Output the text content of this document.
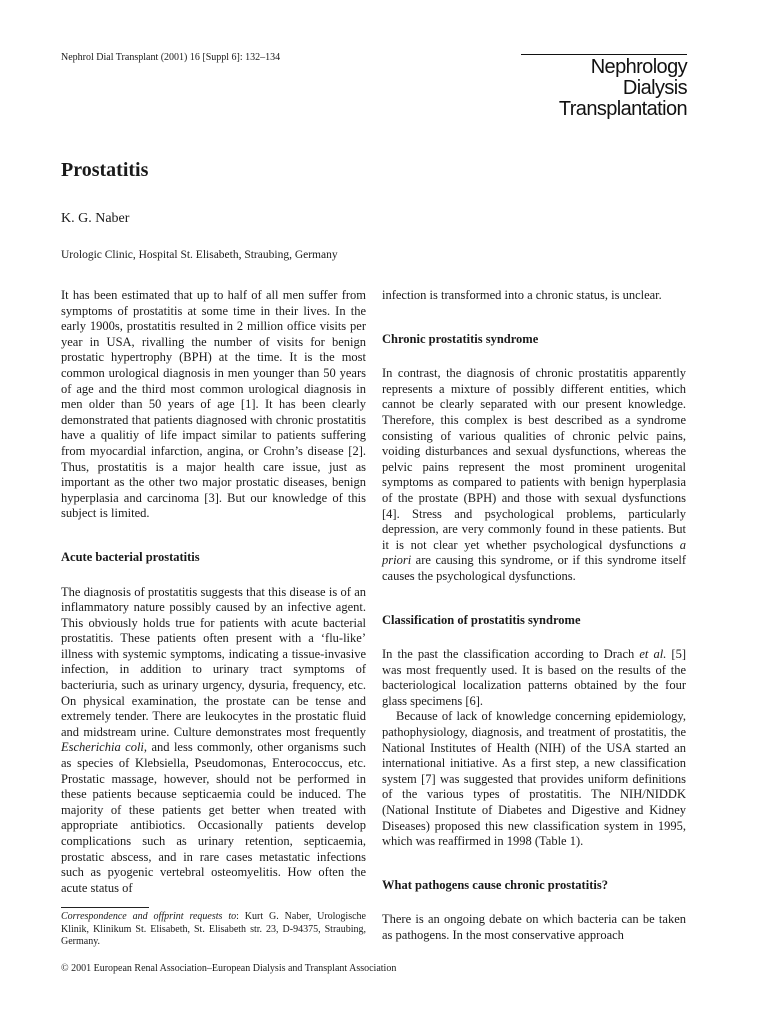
Nephrol Dial Transplant (2001) 16 [Suppl 6]: 132–134	Nephrology
Dialysis
Transplantation
Prostatitis
K. G. Naber
Urologic Clinic, Hospital St. Elisabeth, Straubing, Germany

It has been estimated that up to half of all men suffer from symptoms of prostatitis at some time in their lives. In the early 1900s, prostatitis resulted in 2 million office visits per year in USA, rivalling the number of visits for benign prostatic hypertrophy (BPH) at the time. It is the most common urological diagnosis in men younger than 50 years of age and the third most common urological diagnosis in men older than 50 years of age [1]. It has been clearly demonstrated that patients diagnosed with chronic prostatitis have a qualitiy of life impact similar to patients suffering from myocardial infarction, angina, or Crohn’s disease [2]. Thus, prostatitis is a major health care issue, just as important as the other two major prostatic diseases, benign hyperplasia and carcinoma [3]. But our knowledge of this subject is limited.

Acute bacterial prostatitis

The diagnosis of prostatitis suggests that this disease is of an inflammatory nature possibly caused by an infective agent. This obviously holds true for patients with acute bacterial prostatitis. These patients often present with a ‘flu-like’ illness with systemic symptoms, indicating a tissue-invasive infection, in addition to urinary tract symptoms of bacteriuria, such as urinary urgency, dysuria, frequency, etc. On physical examination, the prostate can be tense and extremely tender. There are leukocytes in the prostatic fluid and midstream urine. Culture demonstrates most frequently Escherichia coli, and less commonly, other organisms such as species of Klebsiella, Pseudomonas, Enterococcus, etc. Prostatic massage, however, should not be performed in these patients because septicaemia could be induced. The majority of these patients get better when treated with appropriate antibiotics. Occasionally patients develop complications such as urinary retention, septicaemia, prostatic abscess, and in rare cases metastatic infections such as pyogenic vertebral osteomyelitis. How often the acute status of

infection is transformed into a chronic status, is unclear.

Chronic prostatitis syndrome

In contrast, the diagnosis of chronic prostatitis apparently represents a mixture of possibly different entities, which cannot be clearly separated with our present knowledge. Therefore, this complex is best described as a syndrome consisting of various qualities of chronic pelvic pains, voiding disturbances and sexual dysfunctions, whereas the pelvic pains represent the most prominent urogenital symptoms as compared to patients with benign hyperplasia of the prostate (BPH) and those with sexual dysfunctions [4]. Stress and psychological problems, particularly depression, are very commonly found in these patients. But it is not clear yet whether psychological dysfunctions a priori are causing this syndrome, or if this syndrome itself causes the psychological dysfunctions.

Classification of prostatitis syndrome

In the past the classification according to Drach et al. [5] was most frequently used. It is based on the results of the bacteriological localization patterns obtained by the four glass specimens [6].

Because of lack of knowledge concerning epidemiology, pathophysiology, diagnosis, and treatment of prostatitis, the National Institutes of Health (NIH) of the USA started an international initiative. As a first step, a new classification system [7] was suggested that provides uniform definitions of the various types of prostatitis. The NIH/NIDDK (National Institute of Diabetes and Digestive and Kidney Diseases) proposed this new classification system in 1995, which was reaffirmed in 1998 (Table 1).

What pathogens cause chronic prostatitis?

There is an ongoing debate on which bacteria can be taken as pathogens. In the most conservative approach

Correspondence and offprint requests to: Kurt G. Naber, Urologische Klinik, Klinikum St. Elisabeth, St. Elisabeth str. 23, D-94375, Straubing, Germany.
© 2001 European Renal Association–European Dialysis and Transplant Association
